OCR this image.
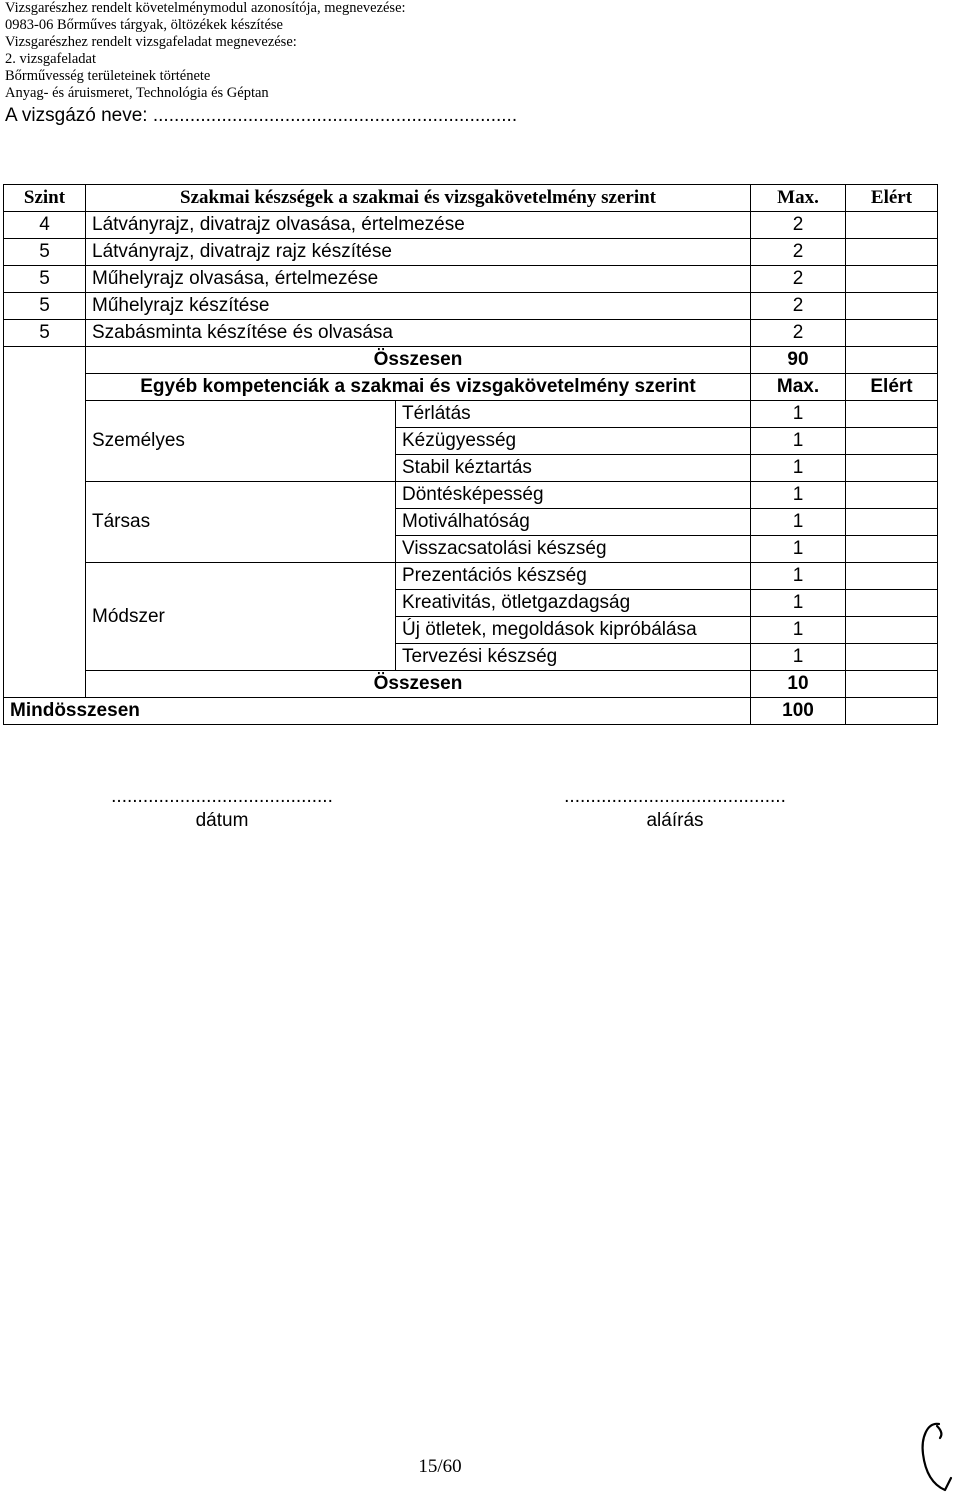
Vizsgarészhez rendelt követelménymodul azonosítója, megnevezése:
0983-06 Bőrműves tárgyak, öltözékek készítése
Vizsgarészhez rendelt vizsgafeladat megnevezése:
2. vizsgafeladat
Bőrművesség területeinek története
Anyag- és áruismeret, Technológia és Géptan
A vizsgázó neve: .....................................................................
Szint	Szakmai készségek a szakmai és vizsgakövetelmény szerint		Max.	Elért
4	Látványrajz, divatrajz olvasása, értelmezése		2	
5	Látványrajz, divatrajz rajz készítése		2	
5	Műhelyrajz olvasása, értelmezése		2	
5	Műhelyrajz készítése		2	
5	Szabásminta készítése és olvasása		2	
	Összesen		90	
	Egyéb kompetenciák a szakmai és vizsgakövetelmény szerint		Max.	Elért
	Személyes	Térlátás	1	
		Kézügyesség	1	
		Stabil kéztartás	1	
	Társas	Döntésképesség	1	
		Motiválhatóság	1	
		Visszacsatolási készség	1	
	Módszer	Prezentációs készség	1	
		Kreativitás, ötletgazdagság	1	
		Új ötletek, megoldások kipróbálása	1	
		Tervezési készség	1	
	Összesen		10	
Mindösszesen			100	
..........................................
dátum
..........................................
aláírás
15/60
